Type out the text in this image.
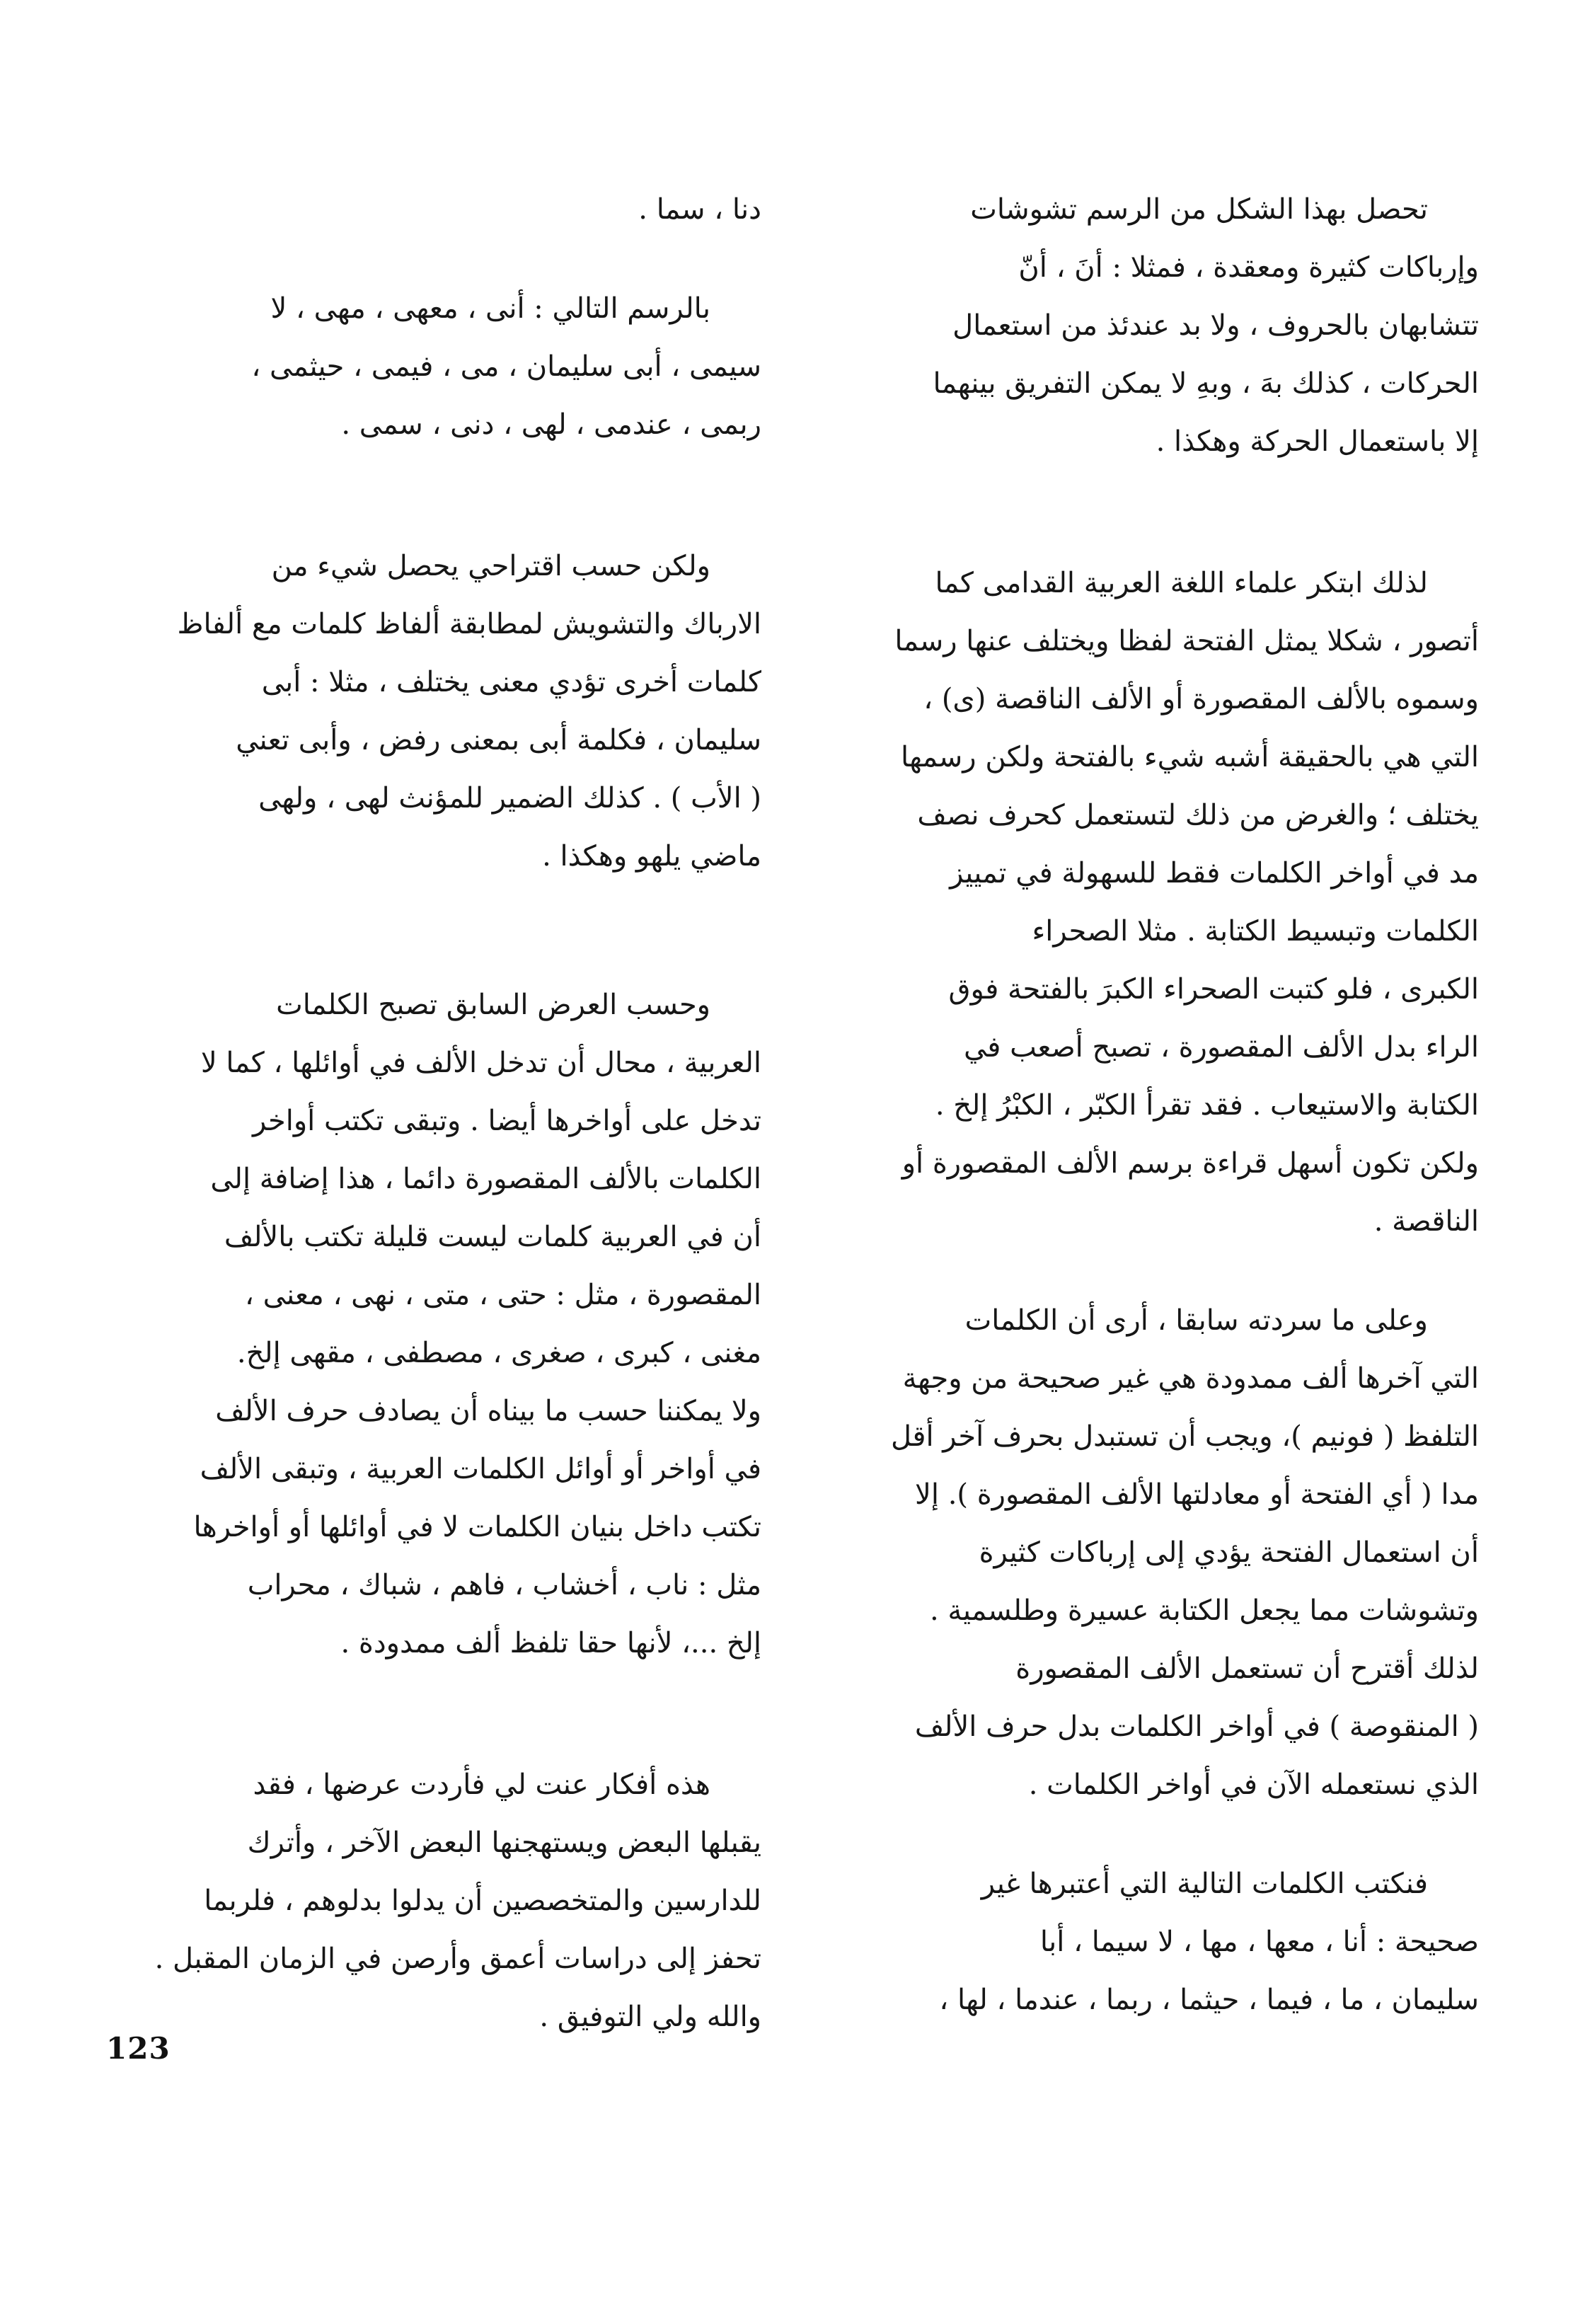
تحصل بهذا الشكل من الرسم تشوشات
وإرباكات كثيرة ومعقدة ، فمثلا : أنَ ، أنّ
تتشابهان بالحروف ، ولا بد عندئذ من استعمال
الحركات ، كذلك بهَ ، وبهِ لا يمكن التفريق بينهما
إلا باستعمال الحركة وهكذا .
لذلك ابتكر علماء اللغة العربية القدامى كما
أتصور ، شكلا يمثل الفتحة لفظا ويختلف عنها رسما
وسموه بالألف المقصورة أو الألف الناقصة (ى) ،
التي هي بالحقيقة أشبه شيء بالفتحة ولكن رسمها
يختلف ؛ والغرض من ذلك لتستعمل كحرف نصف
مد في أواخر الكلمات فقط للسهولة في تمييز
الكلمات وتبسيط الكتابة . مثلا الصحراء
الكبرى ، فلو كتبت الصحراء الكبرَ بالفتحة فوق
الراء بدل الألف المقصورة ، تصبح أصعب في
الكتابة والاستيعاب . فقد تقرأ الكبّر ، الكبْرُ إلخ .
ولكن تكون أسهل قراءة برسم الألف المقصورة أو
الناقصة .
وعلى ما سردته سابقا ، أرى أن الكلمات
التي آخرها ألف ممدودة هي غير صحيحة من وجهة
التلفظ ( فونيم )، ويجب أن تستبدل بحرف آخر أقل
مدا ( أي الفتحة أو معادلتها الألف المقصورة ). إلا
أن استعمال الفتحة يؤدي إلى إرباكات كثيرة
وتشوشات مما يجعل الكتابة عسيرة وطلسمية .
لذلك أقترح أن تستعمل الألف المقصورة
( المنقوصة ) في أواخر الكلمات بدل حرف الألف
الذي نستعمله الآن في أواخر الكلمات .
فنكتب الكلمات التالية التي أعتبرها غير
صحيحة : أنا ، معها ، مها ، لا سيما ، أبا
سليمان ، ما ، فيما ، حيثما ، ربما ، عندما ، لها ،
دنا ، سما .
بالرسم التالي : أنى ، معهى ، مهى ، لا
سيمى ، أبى سليمان ، مى ، فيمى ، حيثمى ،
ربمى ، عندمى ، لهى ، دنى ، سمى .
ولكن حسب اقتراحي يحصل شيء من
الارباك والتشويش لمطابقة ألفاظ كلمات مع ألفاظ
كلمات أخرى تؤدي معنى يختلف ، مثلا : أبى
سليمان ، فكلمة أبى بمعنى رفض ، وأبى تعني
( الأب ) . كذلك الضمير للمؤنث لهى ، ولهى
ماضي يلهو وهكذا .
وحسب العرض السابق تصبح الكلمات
العربية ، محال أن تدخل الألف في أوائلها ، كما لا
تدخل على أواخرها أيضا . وتبقى تكتب أواخر
الكلمات بالألف المقصورة دائما ، هذا إضافة إلى
أن في العربية كلمات ليست قليلة تكتب بالألف
المقصورة ، مثل : حتى ، متى ، نهى ، معنى ،
مغنى ، كبرى ، صغرى ، مصطفى ، مقهى إلخ.
ولا يمكننا حسب ما بيناه أن يصادف حرف الألف
في أواخر أو أوائل الكلمات العربية ، وتبقى الألف
تكتب داخل بنيان الكلمات لا في أوائلها أو أواخرها
مثل : ناب ، أخشاب ، فاهم ، شباك ، محراب
إلخ ...، لأنها حقا تلفظ ألف ممدودة .
هذه أفكار عنت لي فأردت عرضها ، فقد
يقبلها البعض ويستهجنها البعض الآخر ، وأترك
للدارسين والمتخصصين أن يدلوا بدلوهم ، فلربما
تحفز إلى دراسات أعمق وأرصن في الزمان المقبل .
والله ولي التوفيق .
123
